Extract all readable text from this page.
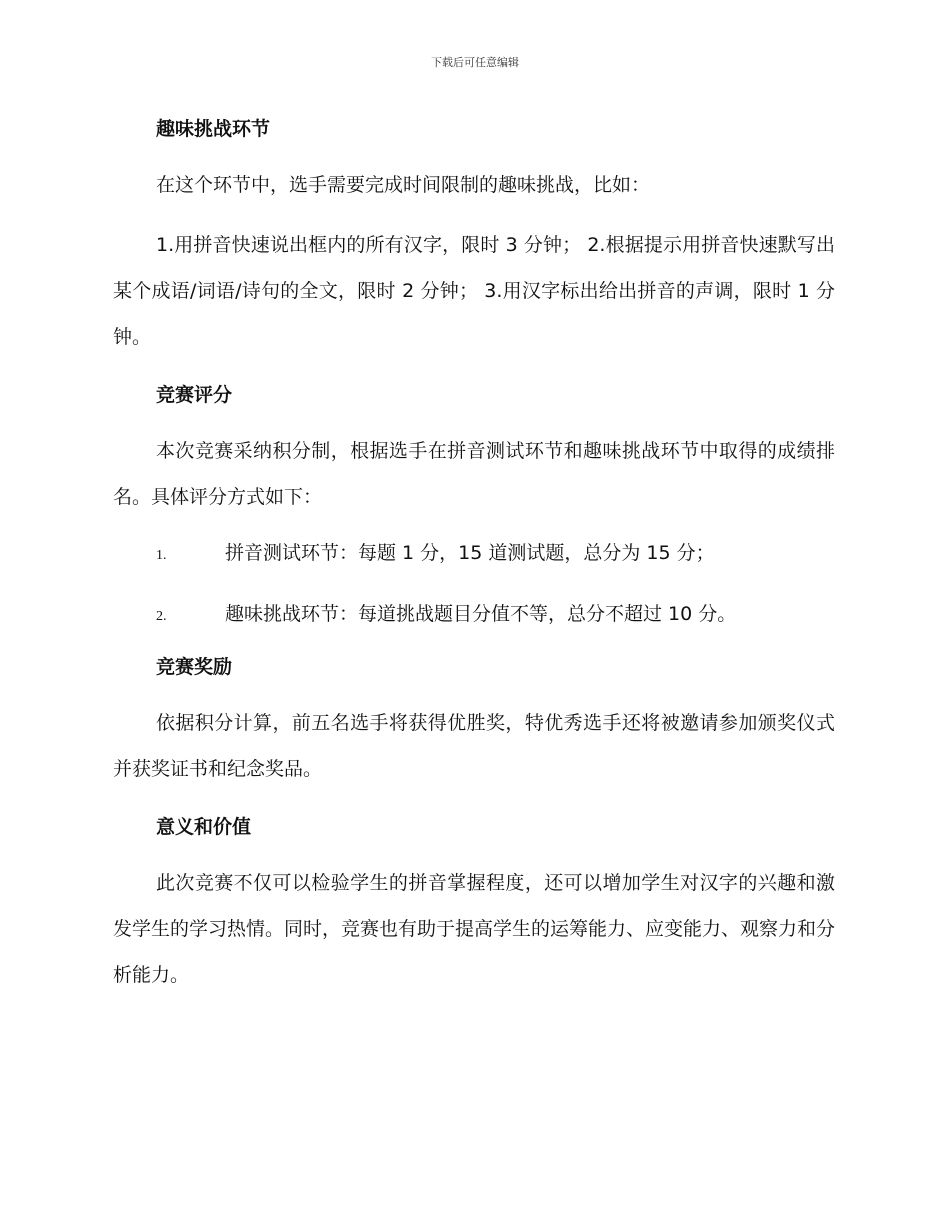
下载后可任意编辑
趣味挑战环节

在这个环节中，选手需要完成时间限制的趣味挑战，比如：

1.用拼音快速说出框内的所有汉字，限时 3 分钟； 2.根据提示用拼音快速默写出某个成语/词语/诗句的全文，限时 2 分钟； 3.用汉字标出给出拼音的声调，限时 1 分钟。

竞赛评分

本次竞赛采纳积分制，根据选手在拼音测试环节和趣味挑战环节中取得的成绩排名。具体评分方式如下：

1.	拼音测试环节：每题 1 分，15 道测试题，总分为 15 分；
2.	趣味挑战环节：每道挑战题目分值不等，总分不超过 10 分。
竞赛奖励

依据积分计算，前五名选手将获得优胜奖，特优秀选手还将被邀请参加颁奖仪式并获奖证书和纪念奖品。

意义和价值

此次竞赛不仅可以检验学生的拼音掌握程度，还可以增加学生对汉字的兴趣和激发学生的学习热情。同时，竞赛也有助于提高学生的运筹能力、应变能力、观察力和分析能力。
